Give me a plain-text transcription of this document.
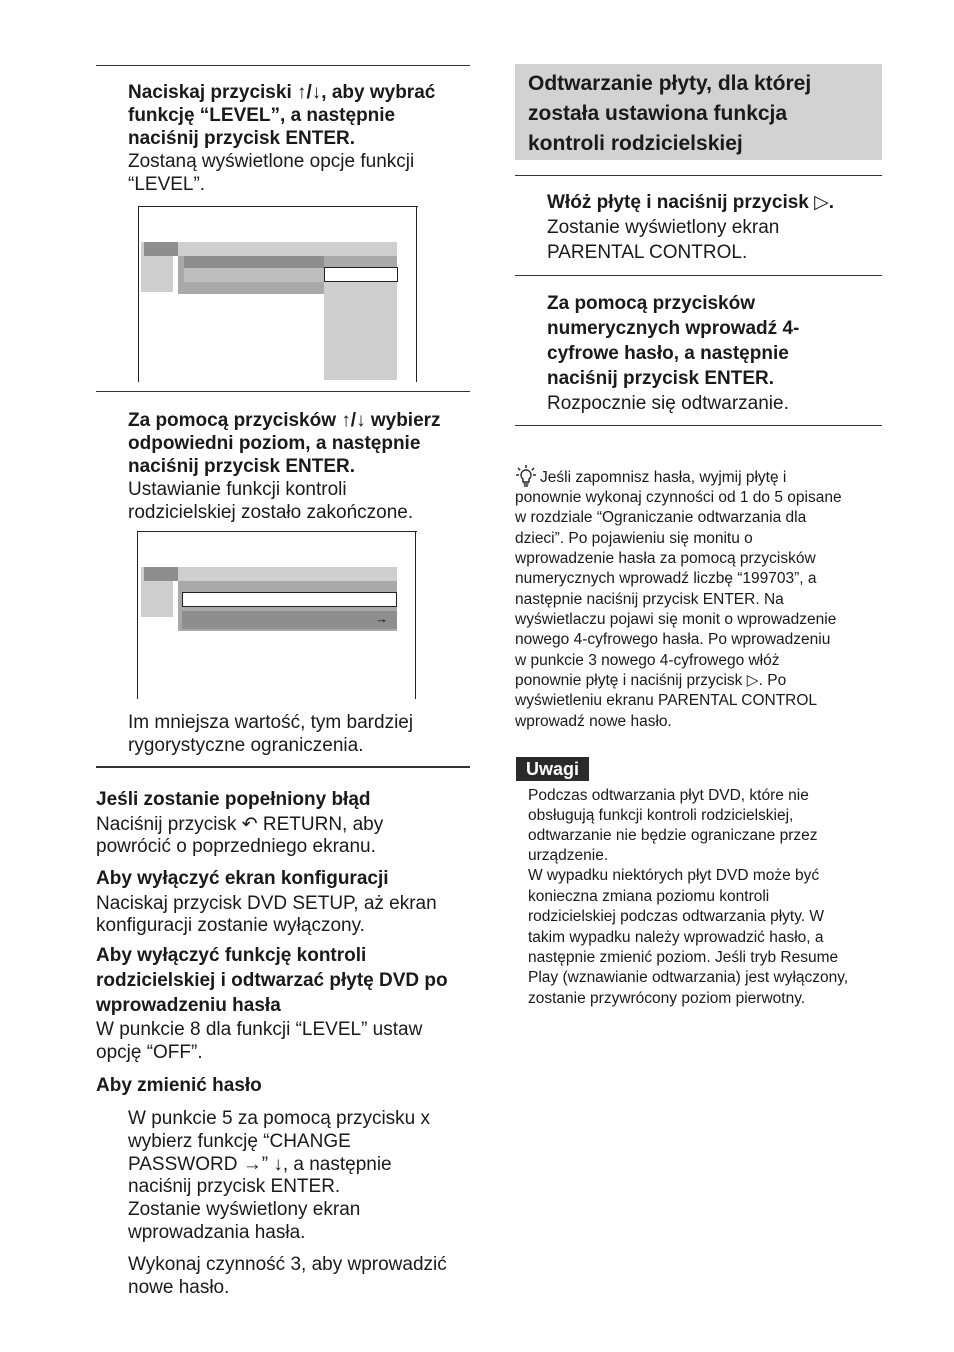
Naciskaj przyciski ↑/↓, aby wybrać
funkcję “LEVEL”, a następnie
naciśnij przycisk ENTER.
Zostaną wyświetlone opcje funkcji
“LEVEL”.
Za pomocą przycisków ↑/↓ wybierz
odpowiedni poziom, a następnie
naciśnij przycisk ENTER.
Ustawianie funkcji kontroli
rodzicielskiej zostało zakończone.
→
Im mniejsza wartość, tym bardziej
rygorystyczne ograniczenia.
Jeśli zostanie popełniony błąd
Naciśnij przycisk ↶ RETURN, aby
powrócić o poprzedniego ekranu.
Aby wyłączyć ekran konfiguracji
Naciskaj przycisk DVD SETUP, aż ekran
konfiguracji zostanie wyłączony.
Aby wyłączyć funkcję kontroli
rodzicielskiej i odtwarzać płytę DVD po
wprowadzeniu hasła
W punkcie 8 dla funkcji “LEVEL” ustaw
opcję “OFF”.
Aby zmienić hasło
W punkcie 5 za pomocą przycisku x
wybierz funkcję “CHANGE
PASSWORD →” ↓, a następnie
naciśnij przycisk ENTER.
Zostanie wyświetlony ekran
wprowadzania hasła.
Wykonaj czynność 3, aby wprowadzić
nowe hasło.
Odtwarzanie płyty, dla której
została ustawiona funkcja
kontroli rodzicielskiej
Włóż płytę i naciśnij przycisk ▷.
Zostanie wyświetlony ekran
PARENTAL CONTROL.
Za pomocą przycisków
numerycznych wprowadź 4-
cyfrowe hasło, a następnie
naciśnij przycisk ENTER.
Rozpocznie się odtwarzanie.
Jeśli zapomnisz hasła, wyjmij płytę i
ponownie wykonaj czynności od 1 do 5 opisane
w rozdziale “Ograniczanie odtwarzania dla
dzieci”. Po pojawieniu się monitu o
wprowadzenie hasła za pomocą przycisków
numerycznych wprowadź liczbę “199703”, a
następnie naciśnij przycisk ENTER. Na
wyświetlaczu pojawi się monit o wprowadzenie
nowego 4-cyfrowego hasła. Po wprowadzeniu
w punkcie 3 nowego 4-cyfrowego włóż
ponownie płytę i naciśnij przycisk ▷. Po
wyświetleniu ekranu PARENTAL CONTROL
wprowadź nowe hasło.
Uwagi
Podczas odtwarzania płyt DVD, które nie
obsługują funkcji kontroli rodzicielskiej,
odtwarzanie nie będzie ograniczane przez
urządzenie.
W wypadku niektórych płyt DVD może być
konieczna zmiana poziomu kontroli
rodzicielskiej podczas odtwarzania płyty. W
takim wypadku należy wprowadzić hasło, a
następnie zmienić poziom. Jeśli tryb Resume
Play (wznawianie odtwarzania) jest wyłączony,
zostanie przywrócony poziom pierwotny.
